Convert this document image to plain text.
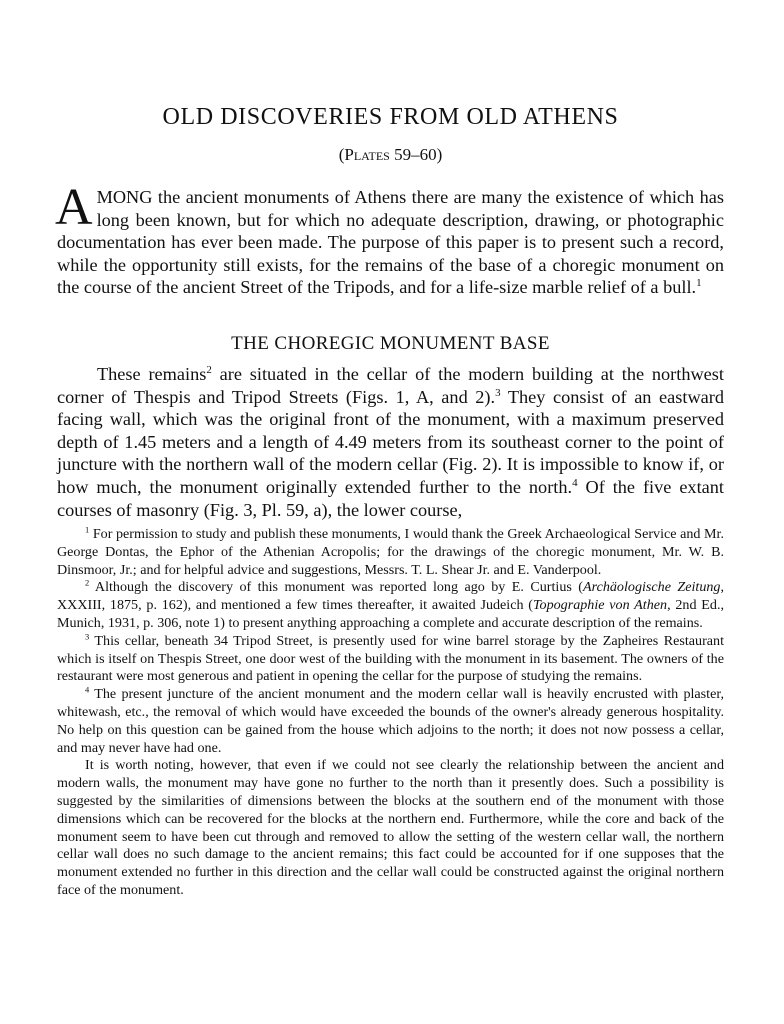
OLD DISCOVERIES FROM OLD ATHENS
(Plates 59–60)
AMONG the ancient monuments of Athens there are many the existence of which has long been known, but for which no adequate description, drawing, or photographic documentation has ever been made. The purpose of this paper is to present such a record, while the opportunity still exists, for the remains of the base of a choregic monument on the course of the ancient Street of the Tripods, and for a life-size marble relief of a bull.$^1$
THE CHOREGIC MONUMENT BASE
These remains$^2$ are situated in the cellar of the modern building at the northwest corner of Thespis and Tripod Streets (Figs. 1, A, and 2).$^3$ They consist of an eastward facing wall, which was the original front of the monument, with a maximum preserved depth of 1.45 meters and a length of 4.49 meters from its southeast corner to the point of juncture with the northern wall of the modern cellar (Fig. 2). It is impossible to know if, or how much, the monument originally extended further to the north.$^4$ Of the five extant courses of masonry (Fig. 3, Pl. 59, a), the lower course,

$^1$ For permission to study and publish these monuments, I would thank the Greek Archaeological Service and Mr. George Dontas, the Ephor of the Athenian Acropolis; for the drawings of the choregic monument, Mr. W. B. Dinsmoor, Jr.; and for helpful advice and suggestions, Messrs. T. L. Shear Jr. and E. Vanderpool.

$^2$ Although the discovery of this monument was reported long ago by E. Curtius (Archäologische Zeitung, XXXIII, 1875, p. 162), and mentioned a few times thereafter, it awaited Judeich (Topographie von Athen, 2nd Ed., Munich, 1931, p. 306, note 1) to present anything approaching a complete and accurate description of the remains.

$^3$ This cellar, beneath 34 Tripod Street, is presently used for wine barrel storage by the Zapheires Restaurant which is itself on Thespis Street, one door west of the building with the monument in its basement. The owners of the restaurant were most generous and patient in opening the cellar for the purpose of studying the remains.

$^4$ The present juncture of the ancient monument and the modern cellar wall is heavily encrusted with plaster, whitewash, etc., the removal of which would have exceeded the bounds of the owner's already generous hospitality. No help on this question can be gained from the house which adjoins to the north; it does not now possess a cellar, and may never have had one.

It is worth noting, however, that even if we could not see clearly the relationship between the ancient and modern walls, the monument may have gone no further to the north than it presently does. Such a possibility is suggested by the similarities of dimensions between the blocks at the southern end of the monument with those dimensions which can be recovered for the blocks at the northern end. Furthermore, while the core and back of the monument seem to have been cut through and removed to allow the setting of the western cellar wall, the northern cellar wall does no such damage to the ancient remains; this fact could be accounted for if one supposes that the monument extended no further in this direction and the cellar wall could be constructed against the original northern face of the monument.
